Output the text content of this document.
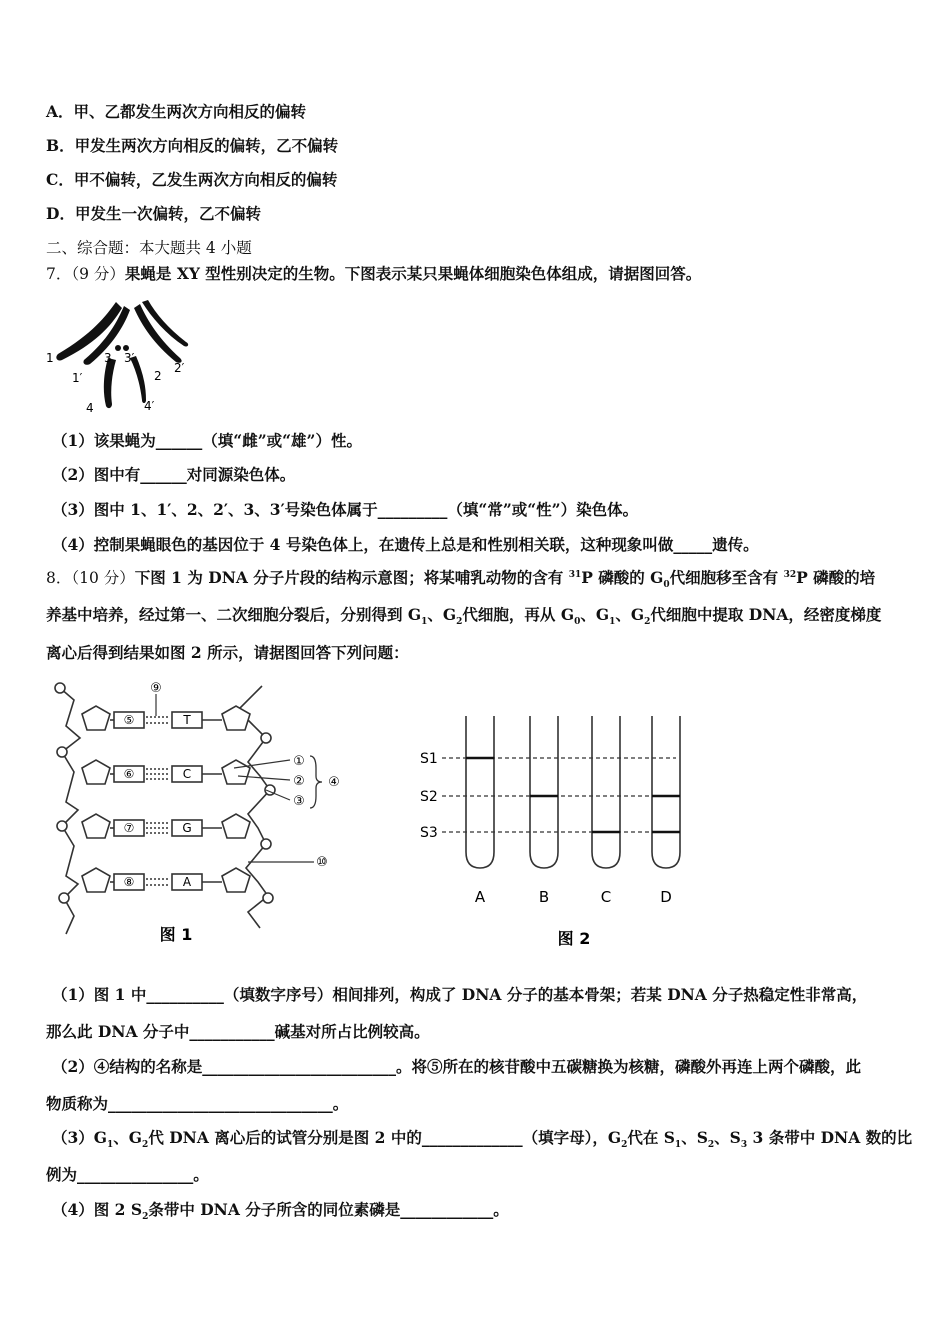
A．甲、乙都发生两次方向相反的偏转
B．甲发生两次方向相反的偏转，乙不偏转
C．甲不偏转，乙发生两次方向相反的偏转
D．甲发生一次偏转，乙不偏转
二、综合题：本大题共 4 小题
7．（9 分）果蝇是 XY 型性别决定的生物。下图表示某只果蝇体细胞染色体组成，请据图回答。
1
1′
3 3′
2
2′
4	4′
（1）该果蝇为______（填“雌”或“雄”）性。
（2）图中有______对同源染色体。
（3）图中 1、1′、2、2′、3、3′号染色体属于_________（填“常”或“性”）染色体。
（4）控制果蝇眼色的基因位于 4 号染色体上，在遗传上总是和性别相关联，这种现象叫做_____遗传。
8．（10 分）下图 1 为 DNA 分子片段的结构示意图；将某哺乳动物的含有 $^{31}$P 磷酸的 $G_0$代细胞移至含有 $^{32}$P 磷酸的培
养基中培养，经过第一、二次细胞分裂后，分别得到 $G_1$、$G_2$代细胞，再从 $G_0$、$G_1$、$G_2$代细胞中提取 DNA，经密度梯度
离心后得到结果如图 2 所示，请据图回答下列问题：
⑤
⑥
⑦
⑧
T
C
G
A
⑨
①
②
③
④
⑩
图 1
S1
S2
S3
A	B	C	D
图 2
（1）图 1 中__________（填数字序号）相间排列，构成了 DNA 分子的基本骨架；若某 DNA 分子热稳定性非常高，
那么此 DNA 分子中___________碱基对所占比例较高。
（2）④结构的名称是_________________________。将⑤所在的核苷酸中五碳糖换为核糖，磷酸外再连上两个磷酸，此
物质称为_____________________________。
$(3)G_1$、$G_2$代 DNA 离心后的试管分别是图 2 中的_____________（填字母），$G_2$代在 $S_1$、$S_2$、$S_3$ 3 条带中 DNA 数的比
例为_______________。
（4）图 2 $S_2$条带中 DNA 分子所含的同位素磷是____________。
